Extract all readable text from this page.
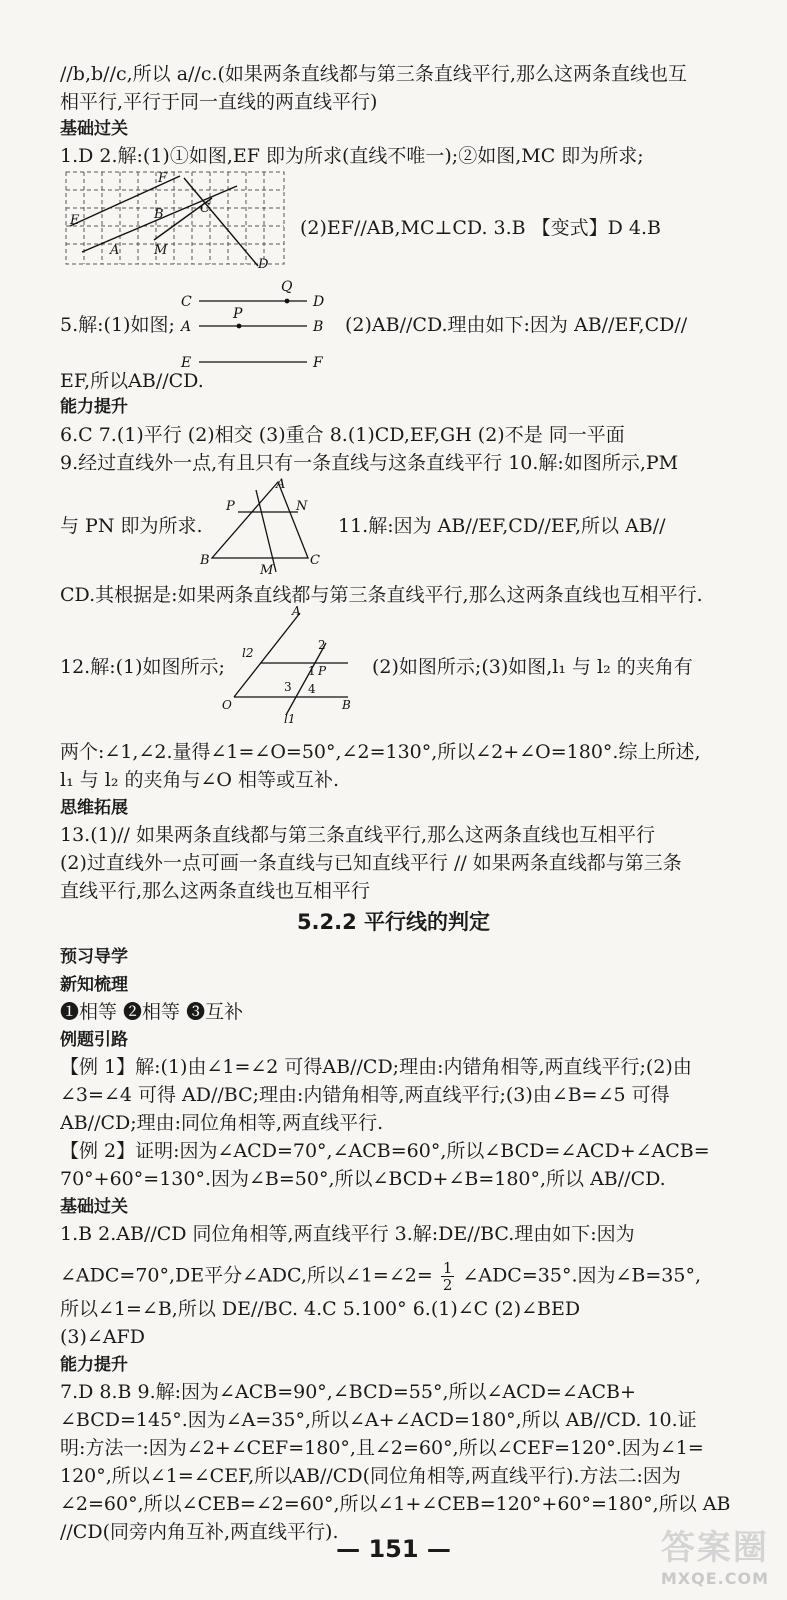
//b,b//c,所以 a//c.(如果两条直线都与第三条直线平行,那么这两条直线也互
相平行,平行于同一直线的两直线平行)
基础过关
1.D 2.解:(1)①如图,EF 即为所求(直线不唯一);②如图,MC 即为所求;
F
C
E	B
A	M
D
(2)EF//AB,MC⊥CD. 3.B 【变式】D 4.B
C
Q
D
A
P
B
E	F
5.解:(1)如图;	(2)AB//CD.理由如下:因为 AB//EF,CD//
EF,所以AB//CD.
能力提升
6.C 7.(1)平行 (2)相交 (3)重合 8.(1)CD,EF,GH (2)不是 同一平面
9.经过直线外一点,有且只有一条直线与这条直线平行 10.解:如图所示,PM
A
P	N
B
M
C
与 PN 即为所求.	11.解:因为 AB//EF,CD//EF,所以 AB//
CD.其根据是:如果两条直线都与第三条直线平行,那么这两条直线也互相平行.
A
l2
2
1 P
3 4
O	B
l1
12.解:(1)如图所示;	(2)如图所示;(3)如图,l₁ 与 l₂ 的夹角有
两个:∠1,∠2.量得∠1=∠O=50°,∠2=130°,所以∠2+∠O=180°.综上所述,
l₁ 与 l₂ 的夹角与∠O 相等或互补.
思维拓展
13.(1)// 如果两条直线都与第三条直线平行,那么这两条直线也互相平行
(2)过直线外一点可画一条直线与已知直线平行 // 如果两条直线都与第三条
直线平行,那么这两条直线也互相平行
5.2.2 平行线的判定
预习导学
新知梳理
❶相等 ❷相等 ❸互补
例题引路
【例 1】解:(1)由∠1=∠2 可得AB//CD;理由:内错角相等,两直线平行;(2)由
∠3=∠4 可得 AD//BC;理由:内错角相等,两直线平行;(3)由∠B=∠5 可得
AB//CD;理由:同位角相等,两直线平行.
【例 2】证明:因为∠ACD=70°,∠ACB=60°,所以∠BCD=∠ACD+∠ACB=
70°+60°=130°.因为∠B=50°,所以∠BCD+∠B=180°,所以 AB//CD.
基础过关
1.B 2.AB//CD 同位角相等,两直线平行 3.解:DE//BC.理由如下:因为
∠ADC=70°,DE平分∠ADC,所以∠1=∠2= $\frac{1}{2}$ ∠ADC=35°.因为∠B=35°,
所以∠1=∠B,所以 DE//BC. 4.C 5.100° 6.(1)∠C (2)∠BED
(3)∠AFD
能力提升
7.D 8.B 9.解:因为∠ACB=90°,∠BCD=55°,所以∠ACD=∠ACB+
∠BCD=145°.因为∠A=35°,所以∠A+∠ACD=180°,所以 AB//CD. 10.证
明:方法一:因为∠2+∠CEF=180°,且∠2=60°,所以∠CEF=120°.因为∠1=
120°,所以∠1=∠CEF,所以AB//CD(同位角相等,两直线平行).方法二:因为
∠2=60°,所以∠CEB=∠2=60°,所以∠1+∠CEB=120°+60°=180°,所以 AB
//CD(同旁内角互补,两直线平行).
— 151 —	答案圈
MXQE.COM
